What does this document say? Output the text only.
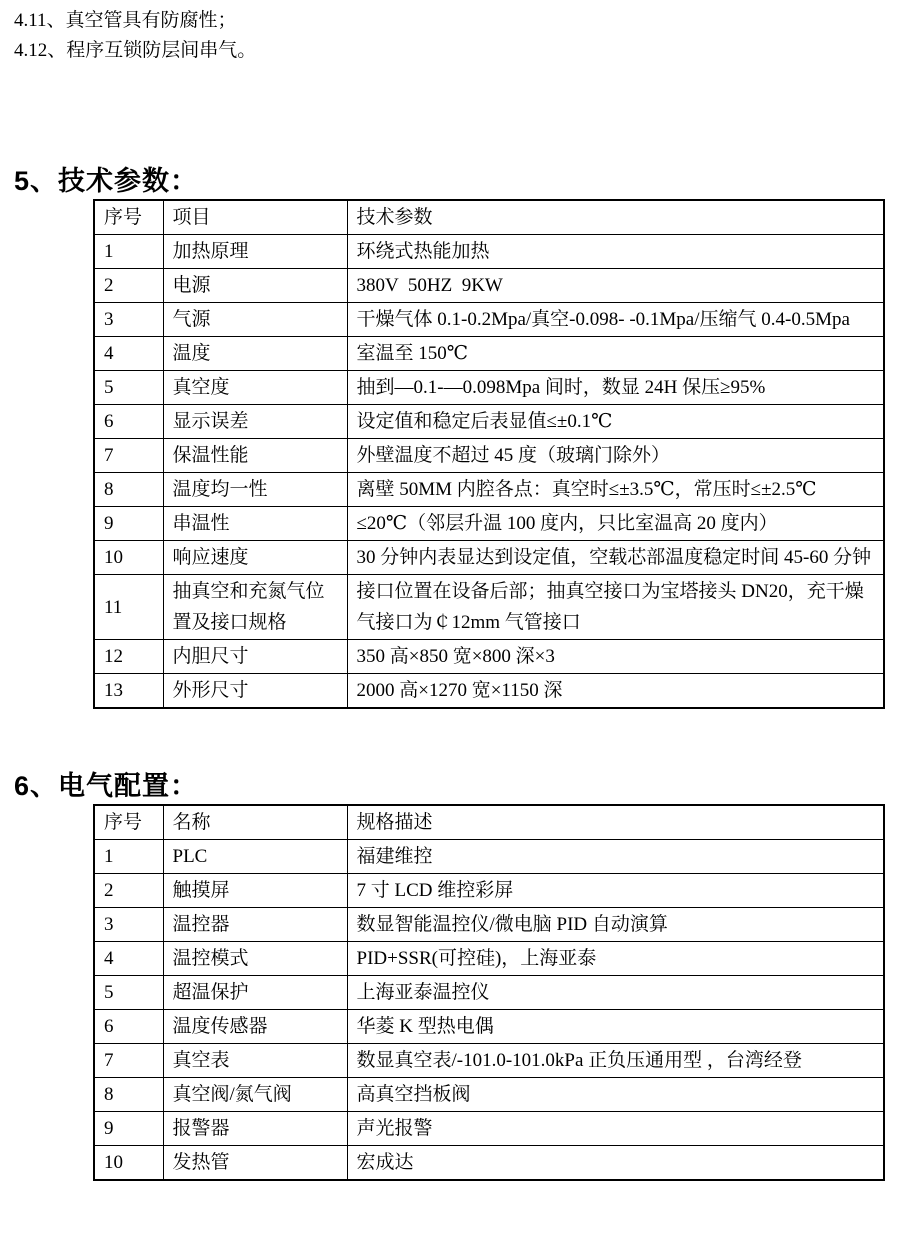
4.11、真空管具有防腐性；

4.12、程序互锁防层间串气。

5、技术参数：
序号	项目	技术参数
1	加热原理	环绕式热能加热
2	电源	380V  50HZ  9KW
3	气源	干燥气体 0.1-0.2Mpa/真空-0.098- -0.1Mpa/压缩气 0.4-0.5Mpa
4	温度	室温至 150℃
5	真空度	抽到—0.1-—0.098Mpa 间时，数显 24H 保压≥95%
6	显示误差	设定值和稳定后表显值≤±0.1℃
7	保温性能	外壁温度不超过 45 度（玻璃门除外）
8	温度均一性	离壁 50MM 内腔各点：真空时≤±3.5℃，常压时≤±2.5℃
9	串温性	≤20℃（邻层升温 100 度内，只比室温高 20 度内）
10	响应速度	30 分钟内表显达到设定值，空载芯部温度稳定时间 45-60 分钟
11	抽真空和充氮气位置及接口规格	接口位置在设备后部；抽真空接口为宝塔接头 DN20，充干燥气接口为￠12mm 气管接口
12	内胆尺寸	350 高×850 宽×800 深×3
13	外形尺寸	2000 高×1270 宽×1150 深
6、电气配置：
序号	名称	规格描述
1	PLC	福建维控
2	触摸屏	7 寸 LCD 维控彩屏
3	温控器	数显智能温控仪/微电脑 PID 自动演算
4	温控模式	PID+SSR(可控硅)，上海亚泰
5	超温保护	上海亚泰温控仪
6	温度传感器	华菱 K 型热电偶
7	真空表	数显真空表/-101.0-101.0kPa 正负压通用型 ，台湾经登
8	真空阀/氮气阀	高真空挡板阀
9	报警器	声光报警
10	发热管	宏成达
